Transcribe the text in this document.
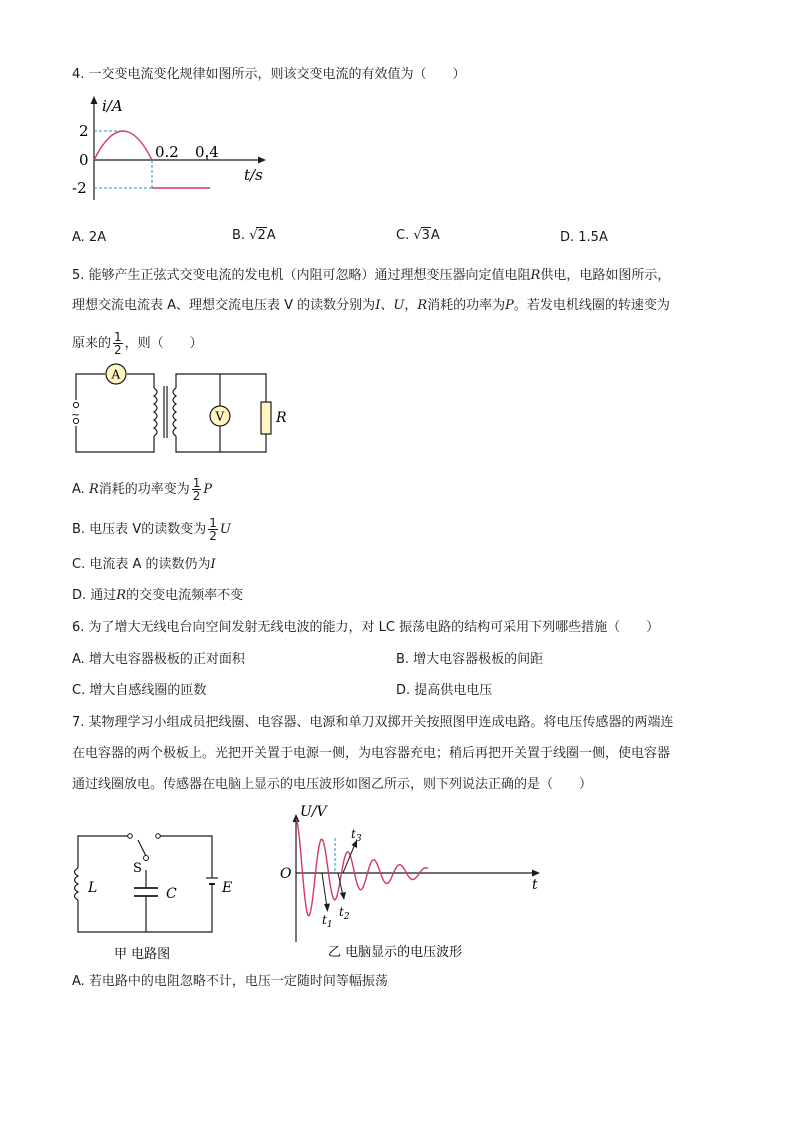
4. 一交变电流变化规律如图所示，则该交变电流的有效值为（　　）
i/A
2
0
-2
0.2 0.4
t/s
A. 2A	B. √2A	C. √3A	D. 1.5A
5. 能够产生正弦式交变电流的发电机（内阻可忽略）通过理想变压器向定值电阻R供电，电路如图所示，
理想交流电流表 A、理想交流电压表 V 的读数分别为I、U，R消耗的功率为P。若发电机线圈的转速变为
原来的 $\frac{1}{2}$ ，则（　　）
~
A
V	R
A. R消耗的功率变为 $\frac{1}{2}$ P
B. 电压表 V的读数变为 $\frac{1}{2}$ U
C. 电流表 A 的读数仍为I
D. 通过R的交变电流频率不变
6. 为了增大无线电台向空间发射无线电波的能力，对 LC 振荡电路的结构可采用下列哪些措施（　　）
A. 增大电容器极板的正对面积	B. 增大电容器极板的间距
C. 增大自感线圈的匝数	D. 提高供电电压
7. 某物理学习小组成员把线圈、电容器、电源和单刀双掷开关按照图甲连成电路。将电压传感器的两端连
在电容器的两个极板上。光把开关置于电源一侧，为电容器充电；稍后再把开关置于线圈一侧，使电容器
通过线圈放电。传感器在电脑上显示的电压波形如图乙所示，则下列说法正确的是（　　）
L
S
C	E
甲 电路图
U/V
O
t
$t_1$
$t_2$
$t_3$
乙 电脑显示的电压波形
A. 若电路中的电阻忽略不计，电压一定随时间等幅振荡
